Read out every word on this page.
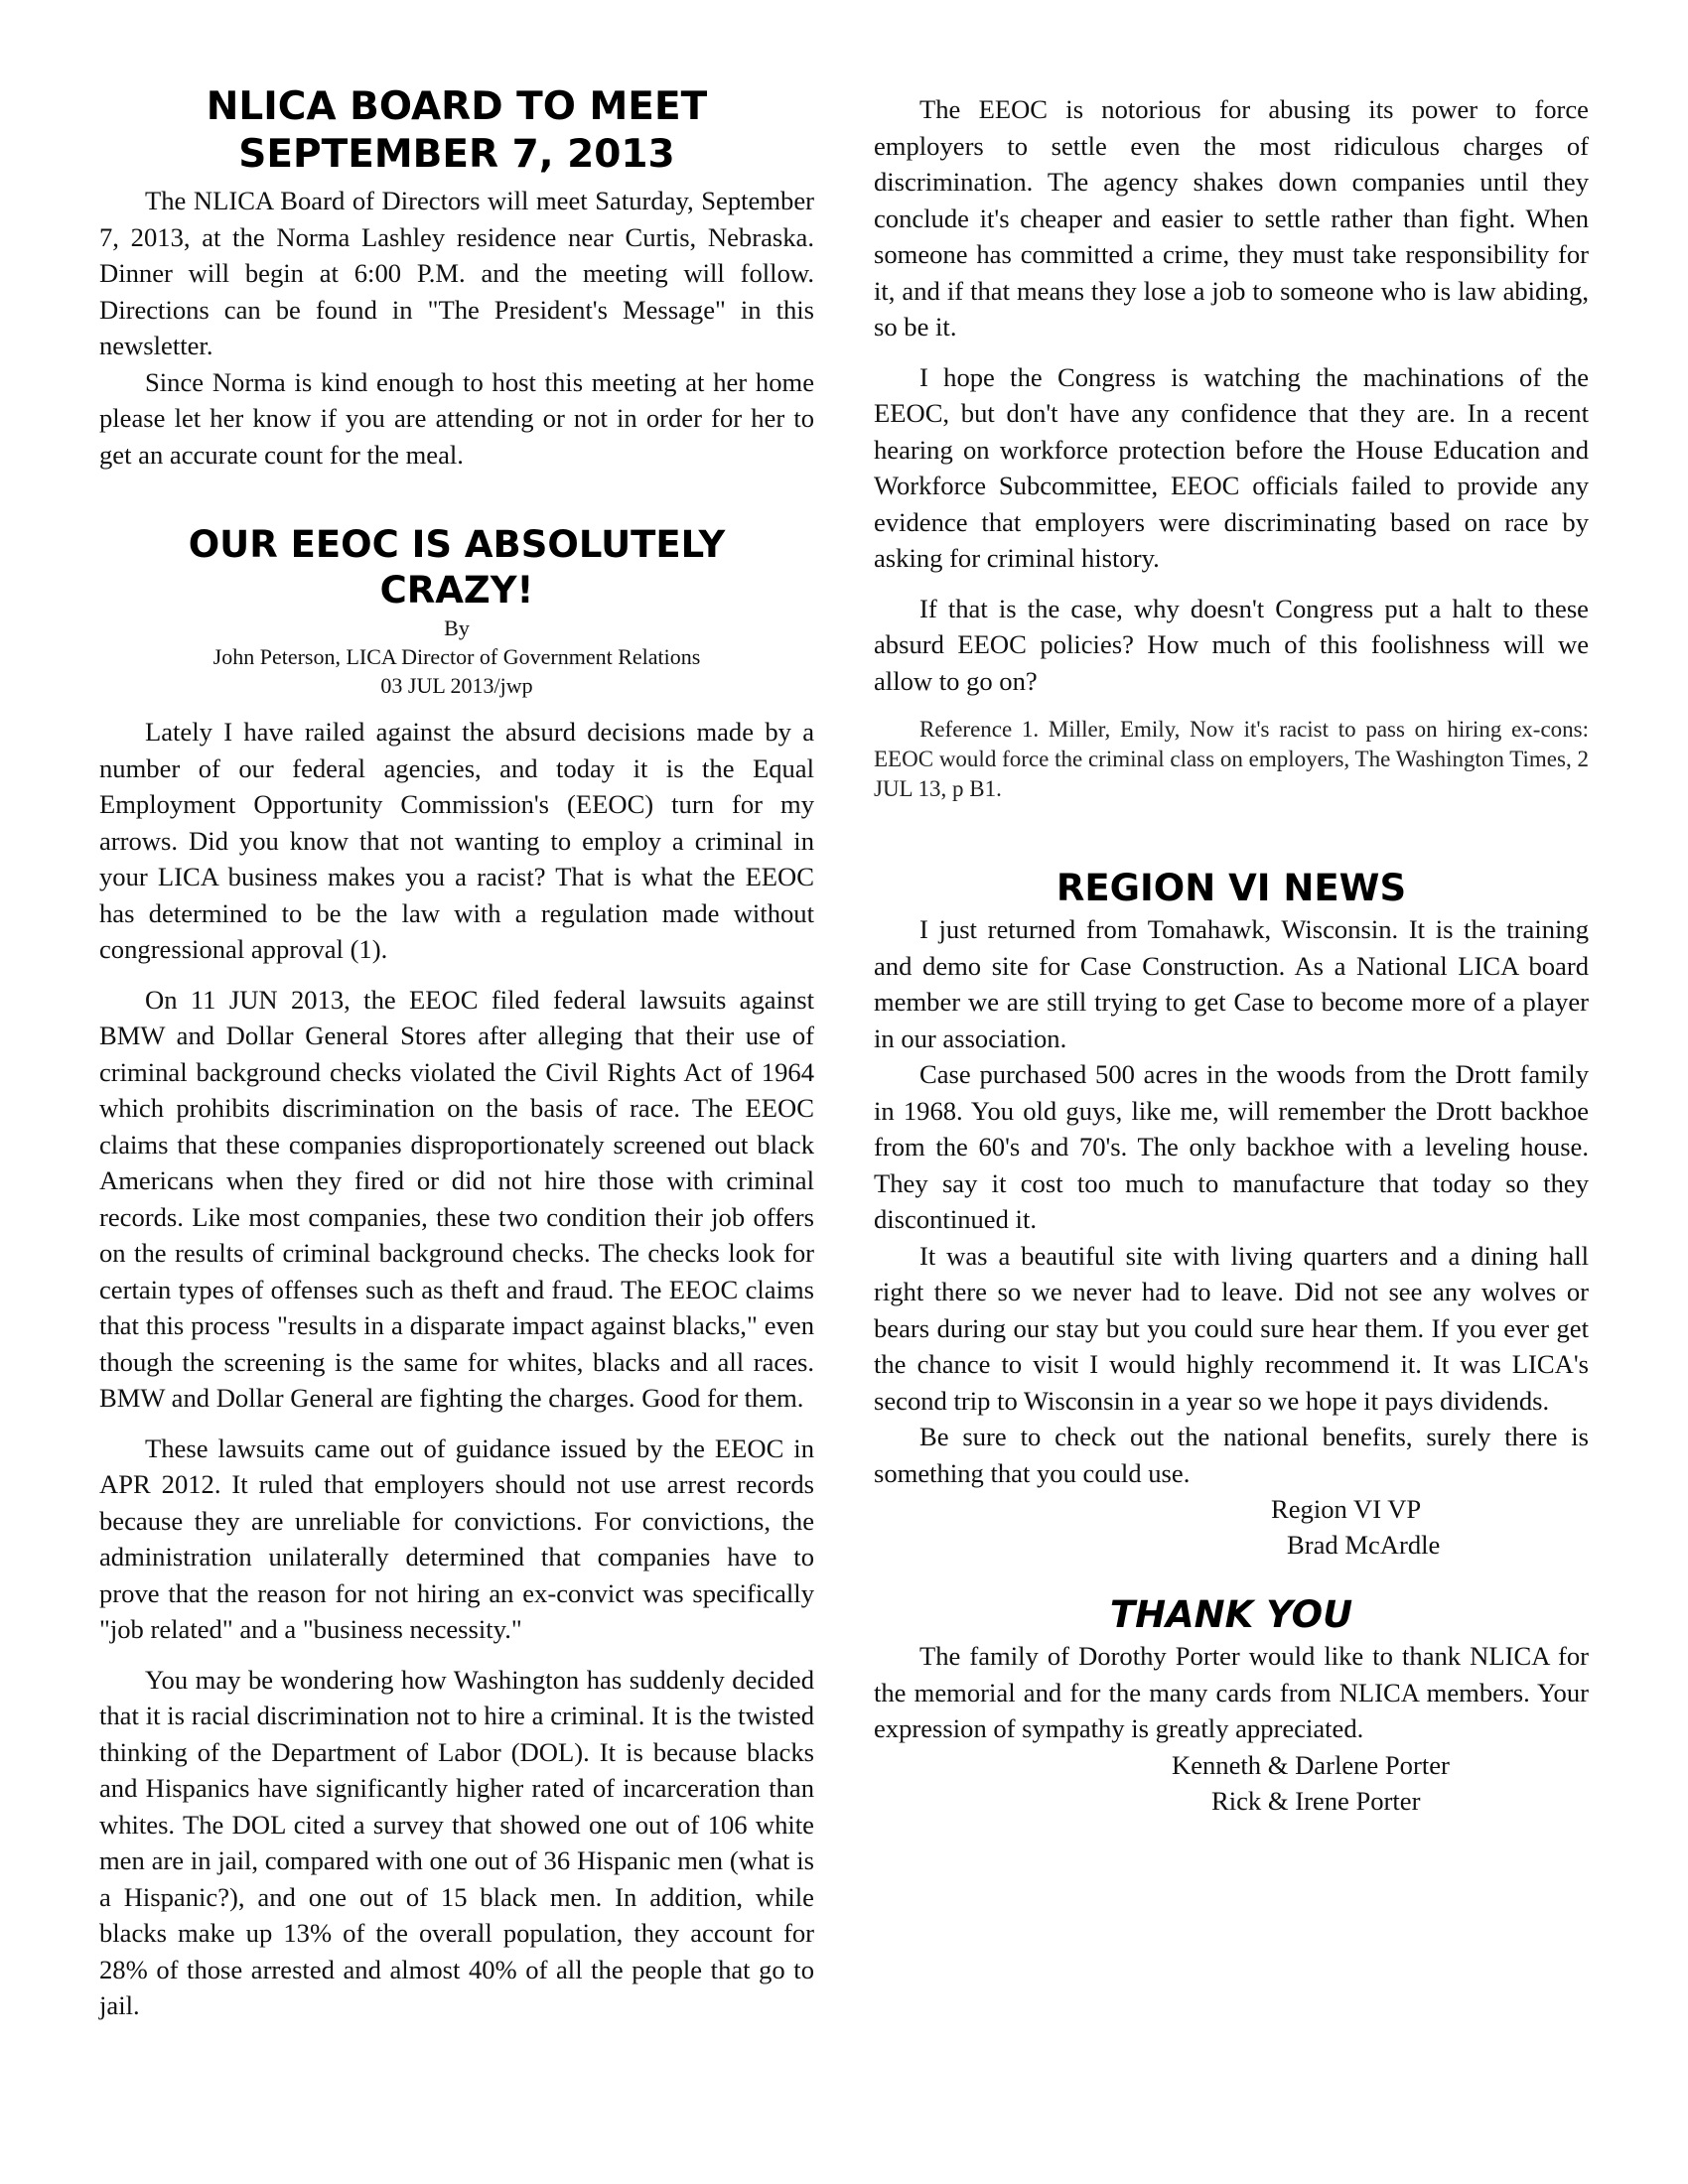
NLICA BOARD TO MEET SEPTEMBER 7, 2013

The NLICA Board of Directors will meet Saturday, September 7, 2013, at the Norma Lashley residence near Curtis, Nebraska. Dinner will begin at 6:00 P.M. and the meeting will follow. Directions can be found in "The President's Message" in this newsletter.

Since Norma is kind enough to host this meeting at her home please let her know if you are attending or not in order for her to get an accurate count for the meal.

OUR EEOC IS ABSOLUTELY CRAZY!
By
John Peterson, LICA Director of Government Relations
03 JUL 2013/jwp

Lately I have railed against the absurd decisions made by a number of our federal agencies, and today it is the Equal Employment Opportunity Commission's (EEOC) turn for my arrows. Did you know that not wanting to employ a criminal in your LICA business makes you a racist? That is what the EEOC has determined to be the law with a regulation made without congressional approval (1).

On 11 JUN 2013, the EEOC filed federal lawsuits against BMW and Dollar General Stores after alleging that their use of criminal background checks violated the Civil Rights Act of 1964 which prohibits discrimination on the basis of race. The EEOC claims that these companies disproportionately screened out black Americans when they fired or did not hire those with criminal records. Like most companies, these two condition their job offers on the results of criminal background checks. The checks look for certain types of offenses such as theft and fraud. The EEOC claims that this process "results in a disparate impact against blacks," even though the screening is the same for whites, blacks and all races. BMW and Dollar General are fighting the charges. Good for them.

These lawsuits came out of guidance issued by the EEOC in APR 2012. It ruled that employers should not use arrest records because they are unreliable for convictions. For convictions, the administration unilaterally determined that companies have to prove that the reason for not hiring an ex-convict was specifically "job related" and a "business necessity."

You may be wondering how Washington has suddenly decided that it is racial discrimination not to hire a criminal. It is the twisted thinking of the Department of Labor (DOL). It is because blacks and Hispanics have significantly higher rated of incarceration than whites. The DOL cited a survey that showed one out of 106 white men are in jail, compared with one out of 36 Hispanic men (what is a Hispanic?), and one out of 15 black men. In addition, while blacks make up 13% of the overall population, they account for 28% of those arrested and almost 40% of all the people that go to jail.

The EEOC is notorious for abusing its power to force employers to settle even the most ridiculous charges of discrimination. The agency shakes down companies until they conclude it's cheaper and easier to settle rather than fight. When someone has committed a crime, they must take responsibility for it, and if that means they lose a job to someone who is law abiding, so be it.

I hope the Congress is watching the machinations of the EEOC, but don't have any confidence that they are. In a recent hearing on workforce protection before the House Education and Workforce Subcommittee, EEOC officials failed to provide any evidence that employers were discriminating based on race by asking for criminal history.

If that is the case, why doesn't Congress put a halt to these absurd EEOC policies? How much of this foolishness will we allow to go on?

Reference 1. Miller, Emily, Now it's racist to pass on hiring ex-cons: EEOC would force the criminal class on employers, The Washington Times, 2 JUL 13, p B1.
REGION VI NEWS

I just returned from Tomahawk, Wisconsin. It is the training and demo site for Case Construction. As a National LICA board member we are still trying to get Case to become more of a player in our association.

Case purchased 500 acres in the woods from the Drott family in 1968. You old guys, like me, will remember the Drott backhoe from the 60's and 70's. The only backhoe with a leveling house. They say it cost too much to manufacture that today so they discontinued it.

It was a beautiful site with living quarters and a dining hall right there so we never had to leave. Did not see any wolves or bears during our stay but you could sure hear them. If you ever get the chance to visit I would highly recommend it. It was LICA's second trip to Wisconsin in a year so we hope it pays dividends.

Be sure to check out the national benefits, surely there is something that you could use.

Region VI VP
Brad McArdle
THANK YOU

The family of Dorothy Porter would like to thank NLICA for the memorial and for the many cards from NLICA members. Your expression of sympathy is greatly appreciated.

Kenneth & Darlene Porter
Rick & Irene Porter
